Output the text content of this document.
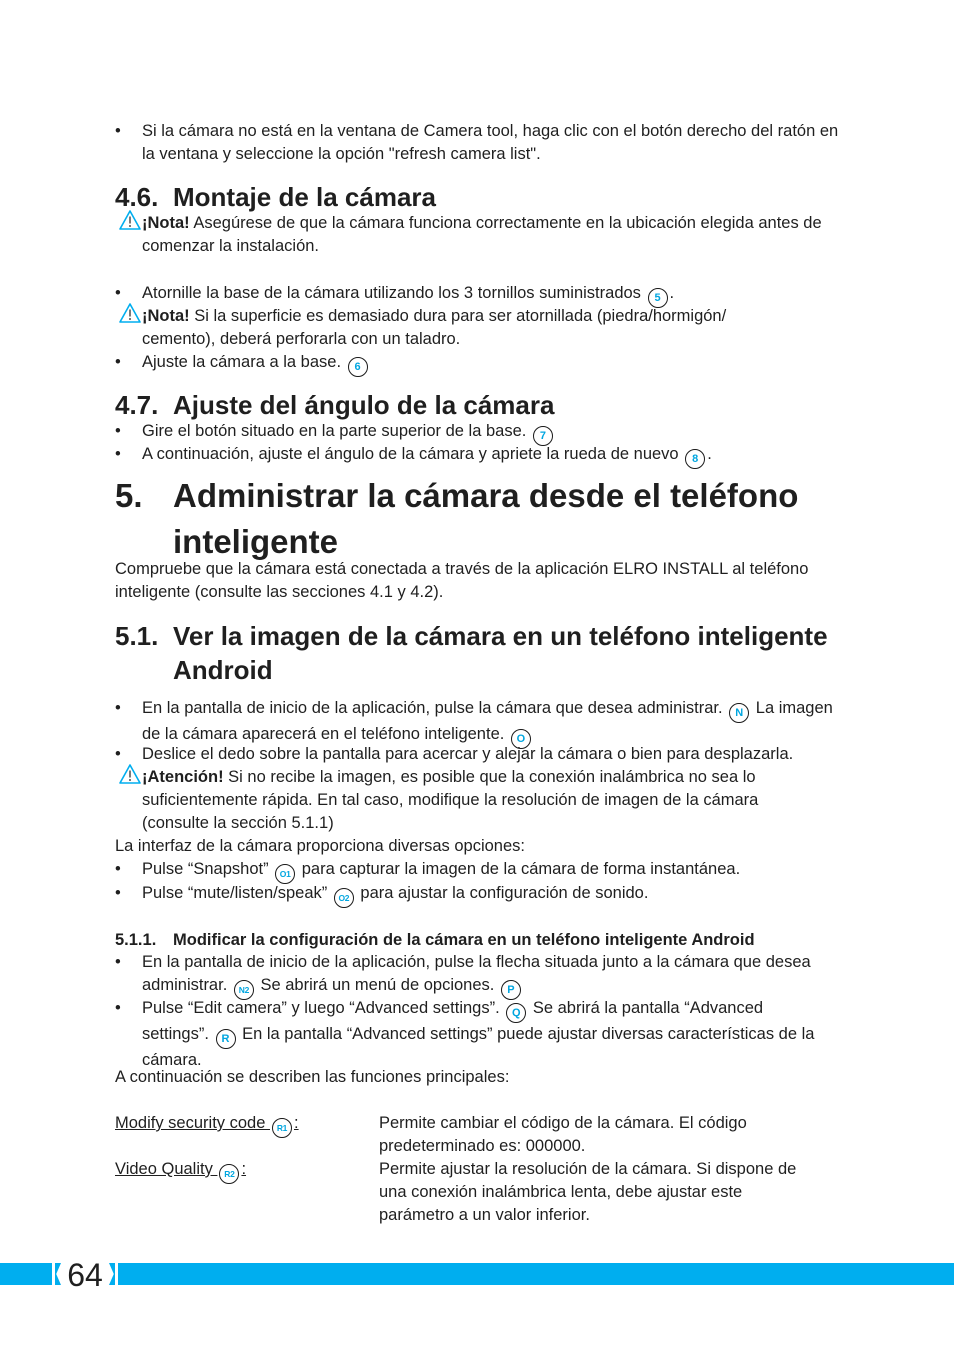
•	Si la cámara no está en la ventana de Camera tool, haga clic con el botón derecho del ratón en la ventana y seleccione la opción "refresh camera list".
4.6. Montaje de la cámara
¡Nota! Asegúrese de que la cámara funciona correctamente en la ubicación elegida antes de comenzar la instalación.
•	Atornille la base de la cámara utilizando los 3 tornillos suministrados 5 .
¡Nota! Si la superficie es demasiado dura para ser atornillada (piedra/hormigón/ cemento), deberá perforarla con un taladro.
•	Ajuste la cámara a la base. 6
4.7. Ajuste del ángulo de la cámara
•	Gire el botón situado en la parte superior de la base. 7
•	A continuación, ajuste el ángulo de la cámara y apriete la rueda de nuevo 8 .
5. Administrar la cámara desde el teléfono inteligente
Compruebe que la cámara está conectada a través de la aplicación ELRO INSTALL al teléfono inteligente (consulte las secciones 4.1 y 4.2).
5.1. Ver la imagen de la cámara en un teléfono inteligente Android
•	En la pantalla de inicio de la aplicación, pulse la cámara que desea administrar. N La imagen de la cámara aparecerá en el teléfono inteligente. O
•	Deslice el dedo sobre la pantalla para acercar y alejar la cámara o bien para desplazarla.
¡Atención! Si no recibe la imagen, es posible que la conexión inalámbrica no sea lo suficientemente rápida. En tal caso, modifique la resolución de imagen de la cámara (consulte la sección 5.1.1)
La interfaz de la cámara proporciona diversas opciones:
•	Pulse “Snapshot” O1 para capturar la imagen de la cámara de forma instantánea.
•	Pulse “mute/listen/speak” O2 para ajustar la configuración de sonido.
5.1.1. Modificar la configuración de la cámara en un teléfono inteligente Android
•	En la pantalla de inicio de la aplicación, pulse la flecha situada junto a la cámara que desea administrar. N2 Se abrirá un menú de opciones. P
•	Pulse “Edit camera” y luego “Advanced settings”. Q Se abrirá la pantalla “Advanced settings”. R En la pantalla “Advanced settings” puede ajustar diversas características de la cámara.
A continuación se describen las funciones principales:
Modify security code R1 :	Permite cambiar el código de la cámara. El código predeterminado es: 000000.
Video Quality R2 :	Permite ajustar la resolución de la cámara. Si dispone de una conexión inalámbrica lenta, debe ajustar este parámetro a un valor inferior.
64
